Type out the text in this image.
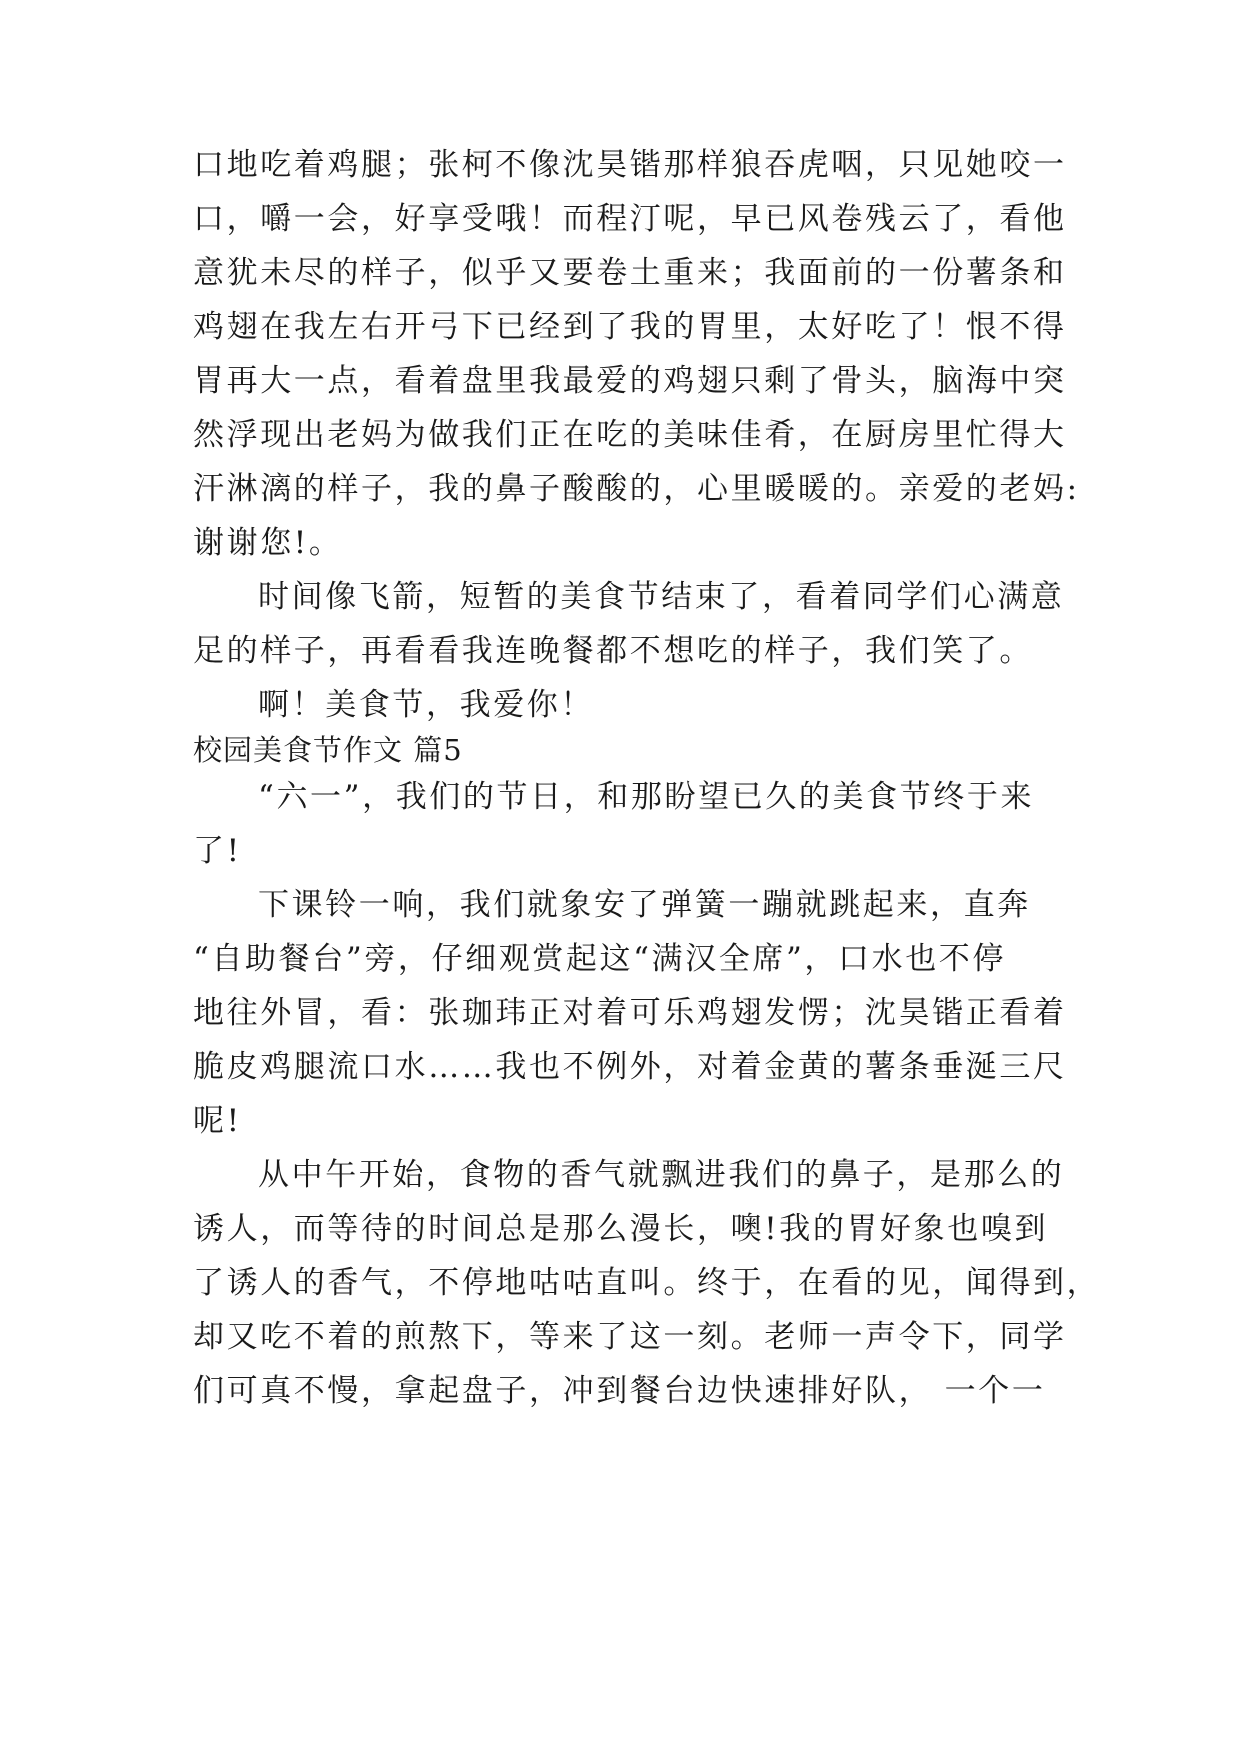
口地吃着鸡腿；张柯不像沈昊锴那样狼吞虎咽，只见她咬一
口，嚼一会，好享受哦！而程汀呢，早已风卷残云了，看他
意犹未尽的样子，似乎又要卷土重来；我面前的一份薯条和
鸡翅在我左右开弓下已经到了我的胃里，太好吃了！恨不得
胃再大一点，看着盘里我最爱的鸡翅只剩了骨头，脑海中突
然浮现出老妈为做我们正在吃的美味佳肴，在厨房里忙得大
汗淋漓的样子，我的鼻子酸酸的，心里暖暖的。亲爱的老妈:
谢谢您!。
时间像飞箭，短暂的美食节结束了，看着同学们心满意
足的样子，再看看我连晚餐都不想吃的样子，我们笑了。
啊！美食节，我爱你！
校园美食节作文 篇5
“六一”，我们的节日，和那盼望已久的美食节终于来
了!
下课铃一响，我们就象安了弹簧一蹦就跳起来，直奔
“自助餐台”旁，仔细观赏起这“满汉全席”，口水也不停
地往外冒，看：张珈玮正对着可乐鸡翅发愣；沈昊锴正看着
脆皮鸡腿流口水……我也不例外，对着金黄的薯条垂涎三尺
呢!
从中午开始，食物的香气就飘进我们的鼻子，是那么的
诱人，而等待的时间总是那么漫长，噢!我的胃好象也嗅到
了诱人的香气，不停地咕咕直叫。终于，在看的见，闻得到，
却又吃不着的煎熬下，等来了这一刻。老师一声令下，同学
们可真不慢，拿起盘子，冲到餐台边快速排好队， 一个一
